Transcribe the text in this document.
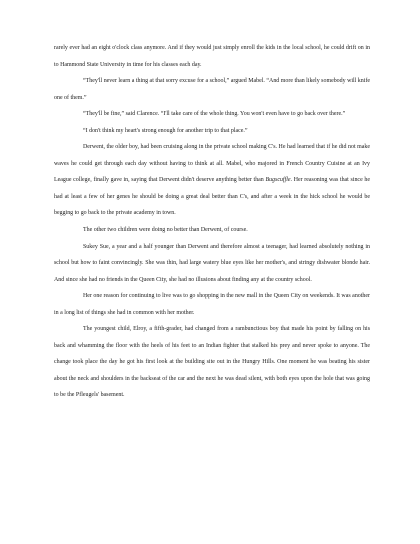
rarely ever had an eight o'clock class anymore. And if they would just simply enroll the kids in the local school, he could drift on in to Hammond State University in time for his classes each day.

“They'll never learn a thing at that sorry excuse for a school,” argued Mabel. “And more than likely somebody will knife one of them.”

“They'll be fine,” said Clarence. “I'll take care of the whole thing. You won't even have to go back over there.”

“I don't think my heart's strong enough for another trip to that place.”

Derwent, the older boy, had been cruising along in the private school making C's. He had learned that if he did not make waves he could get through each day without having to think at all. Mabel, who majored in French Country Cuisine at an Ivy League college, finally gave in, saying that Derwent didn't deserve anything better than Bugscuffle. Her reasoning was that since he had at least a few of her genes he should be doing a great deal better than C's, and after a week in the hick school he would be begging to go back to the private academy in town.

The other two children were doing no better than Derwent, of course.

Sukey Sue, a year and a half younger than Derwent and therefore almost a teenager, had learned absolutely nothing in school but how to faint convincingly. She was thin, had large watery blue eyes like her mother's, and stringy dishwater blonde hair. And since she had no friends in the Queen City, she had no illusions about finding any at the country school.

Her one reason for continuing to live was to go shopping in the new mall in the Queen City on weekends. It was another in a long list of things she had in common with her mother.

The youngest child, Elroy, a fifth-grader, had changed from a rambunctious boy that made his point by falling on his back and whamming the floor with the heels of his feet to an Indian fighter that stalked his prey and never spoke to anyone. The change took place the day he got his first look at the building site out in the Hungry Hills. One moment he was beating his sister about the neck and shoulders in the backseat of the car and the next he was dead silent, with both eyes upon the hole that was going to be the Pfleugels' basement.
